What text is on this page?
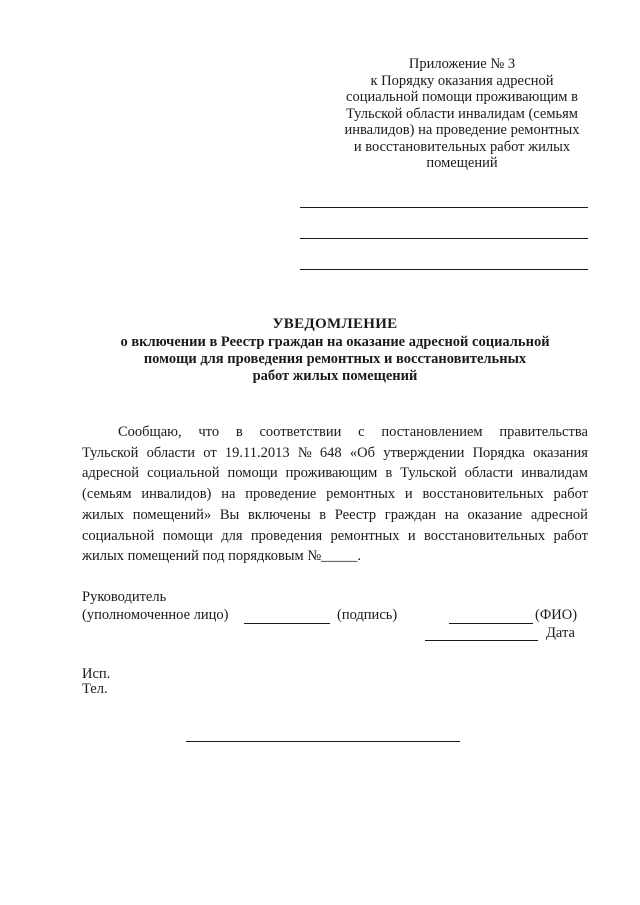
Приложение № 3
к Порядку оказания адресной
социальной помощи проживающим в
Тульской области инвалидам (семьям
инвалидов) на проведение ремонтных
и восстановительных работ жилых
помещений
УВЕДОМЛЕНИЕ
о включении в Реестр граждан на оказание адресной социальной
помощи для проведения ремонтных и восстановительных
работ жилых помещений
Сообщаю, что в соответствии с постановлением правительства
Тульской области от 19.11.2013 № 648 «Об утверждении Порядка оказания
адресной социальной помощи проживающим в Тульской области инвалидам
(семьям инвалидов) на проведение ремонтных и восстановительных работ
жилых помещений» Вы включены в Реестр граждан на оказание адресной
социальной помощи для проведения ремонтных и восстановительных работ
жилых помещений под порядковым №_____.
Руководитель
(уполномоченное лицо)	(подпись)	(ФИО)
Дата
Исп.
Тел.
